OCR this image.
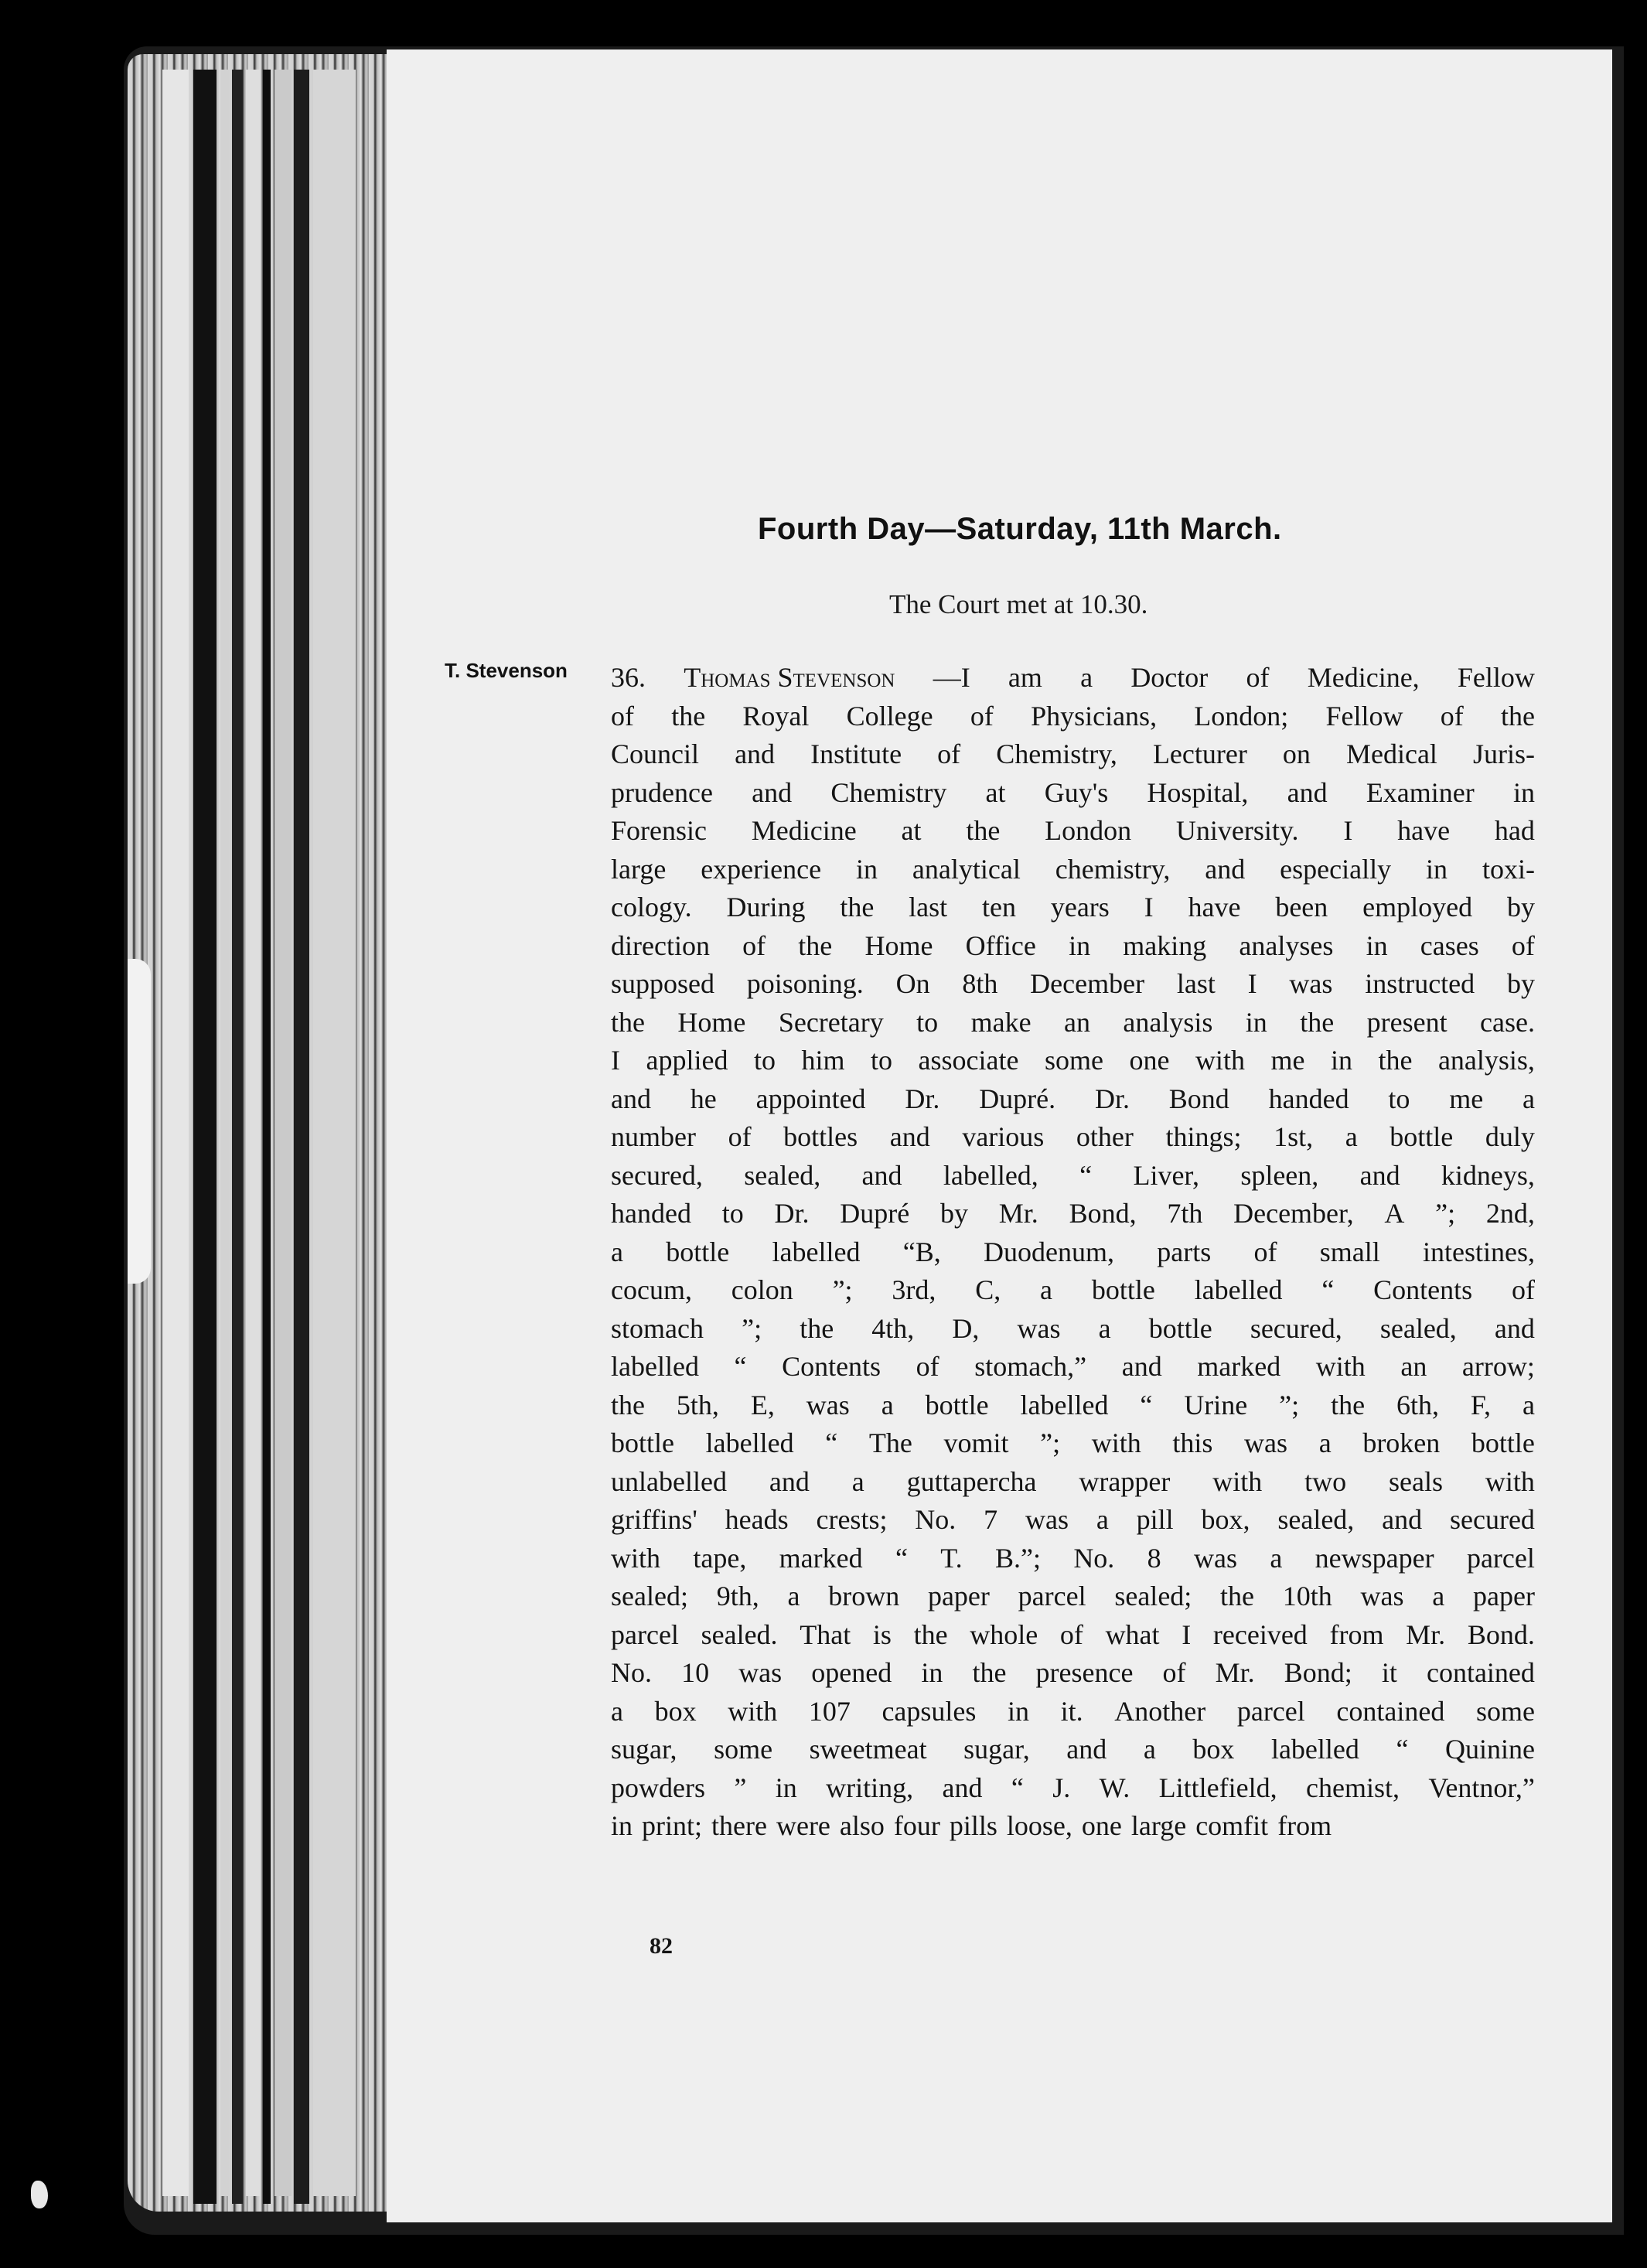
Fourth Day—Saturday, 11th March.
The Court met at 10.30.
T. Stevenson 36. Thomas Stevenson —I am a Doctor of Medicine, Fellow
of the Royal College of Physicians, London; Fellow of the
Council and Institute of Chemistry, Lecturer on Medical Juris-
prudence and Chemistry at Guy's Hospital, and Examiner in
Forensic Medicine at the London University. I have had
large experience in analytical chemistry, and especially in toxi-
cology. During the last ten years I have been employed by
direction of the Home Office in making analyses in cases of
supposed poisoning. On 8th December last I was instructed by
the Home Secretary to make an analysis in the present case.
I applied to him to associate some one with me in the analysis,
and he appointed Dr. Dupré. Dr. Bond handed to me a
number of bottles and various other things; 1st, a bottle duly
secured, sealed, and labelled, “ Liver, spleen, and kidneys,
handed to Dr. Dupré by Mr. Bond, 7th December, A ”; 2nd,
a bottle labelled “B, Duodenum, parts of small intestines,
cocum, colon ”; 3rd, C, a bottle labelled “ Contents of
stomach ”; the 4th, D, was a bottle secured, sealed, and
labelled “ Contents of stomach,” and marked with an arrow;
the 5th, E, was a bottle labelled “ Urine ”; the 6th, F, a
bottle labelled “ The vomit ”; with this was a broken bottle
unlabelled and a guttapercha wrapper with two seals with
griffins' heads crests; No. 7 was a pill box, sealed, and secured
with tape, marked “ T. B.”; No. 8 was a newspaper parcel
sealed; 9th, a brown paper parcel sealed; the 10th was a paper
parcel sealed. That is the whole of what I received from Mr. Bond.
No. 10 was opened in the presence of Mr. Bond; it contained
a box with 107 capsules in it. Another parcel contained some
sugar, some sweetmeat sugar, and a box labelled “ Quinine
powders ” in writing, and “ J. W. Littlefield, chemist, Ventnor,”
in print; there were also four pills loose, one large comfit from
82
